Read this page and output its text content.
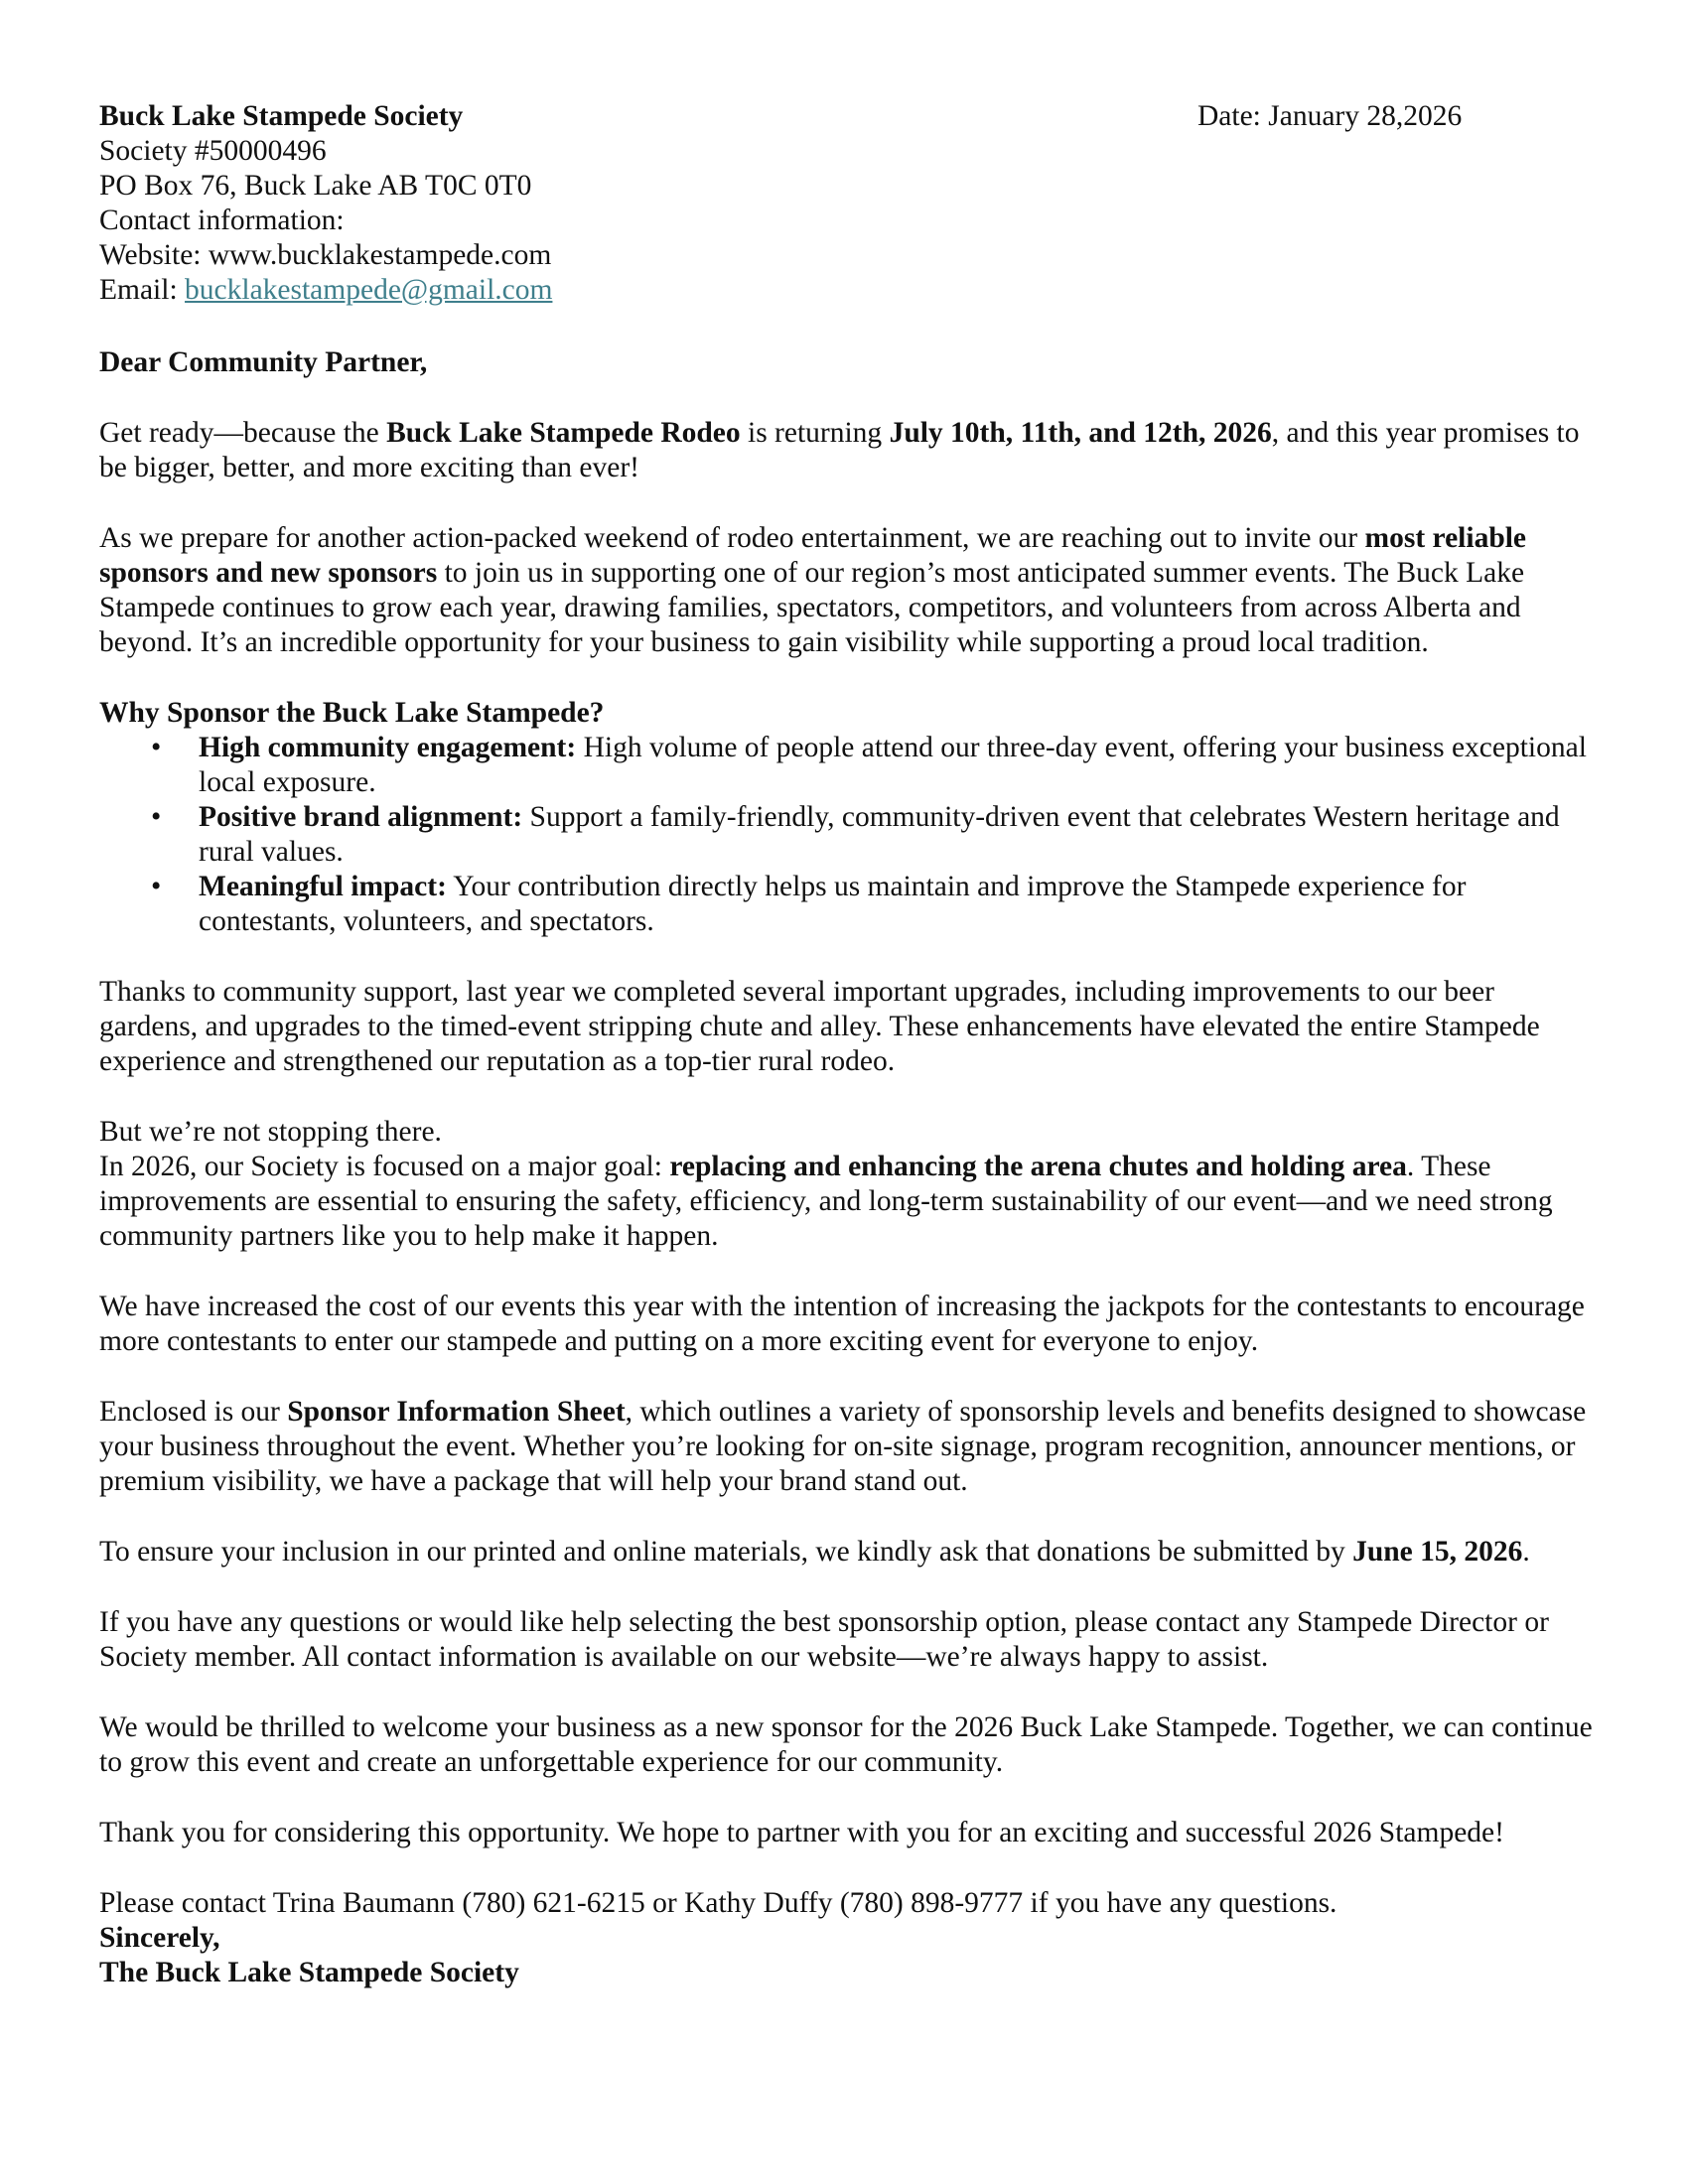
Buck Lake Stampede Society
Society #50000496
PO Box 76, Buck Lake AB T0C 0T0
Contact information:
Website: www.bucklakestampede.com
Email: bucklakestampede@gmail.com
Date: January 28,2026

Dear Community Partner,

Get ready—because the Buck Lake Stampede Rodeo is returning July 10th, 11th, and 12th, 2026, and this year promises to be bigger, better, and more exciting than ever!

As we prepare for another action-packed weekend of rodeo entertainment, we are reaching out to invite our most reliable sponsors and new sponsors to join us in supporting one of our region’s most anticipated summer events. The Buck Lake Stampede continues to grow each year, drawing families, spectators, competitors, and volunteers from across Alberta and beyond. It’s an incredible opportunity for your business to gain visibility while supporting a proud local tradition.

Why Sponsor the Buck Lake Stampede?

• High community engagement: High volume of people attend our three-day event, offering your business exceptional local exposure.
• Positive brand alignment: Support a family-friendly, community-driven event that celebrates Western heritage and rural values.
• Meaningful impact: Your contribution directly helps us maintain and improve the Stampede experience for contestants, volunteers, and spectators.

Thanks to community support, last year we completed several important upgrades, including improvements to our beer gardens, and upgrades to the timed-event stripping chute and alley. These enhancements have elevated the entire Stampede experience and strengthened our reputation as a top-tier rural rodeo.

But we’re not stopping there.

In 2026, our Society is focused on a major goal: replacing and enhancing the arena chutes and holding area. These improvements are essential to ensuring the safety, efficiency, and long-term sustainability of our event—and we need strong community partners like you to help make it happen.

We have increased the cost of our events this year with the intention of increasing the jackpots for the contestants to encourage more contestants to enter our stampede and putting on a more exciting event for everyone to enjoy.

Enclosed is our Sponsor Information Sheet, which outlines a variety of sponsorship levels and benefits designed to showcase your business throughout the event. Whether you’re looking for on-site signage, program recognition, announcer mentions, or premium visibility, we have a package that will help your brand stand out.

To ensure your inclusion in our printed and online materials, we kindly ask that donations be submitted by June 15, 2026.

If you have any questions or would like help selecting the best sponsorship option, please contact any Stampede Director or Society member. All contact information is available on our website—we’re always happy to assist.

We would be thrilled to welcome your business as a new sponsor for the 2026 Buck Lake Stampede. Together, we can continue to grow this event and create an unforgettable experience for our community.

Thank you for considering this opportunity. We hope to partner with you for an exciting and successful 2026 Stampede!

Please contact Trina Baumann (780) 621-6215 or Kathy Duffy (780) 898-9777 if you have any questions.

Sincerely,

The Buck Lake Stampede Society
